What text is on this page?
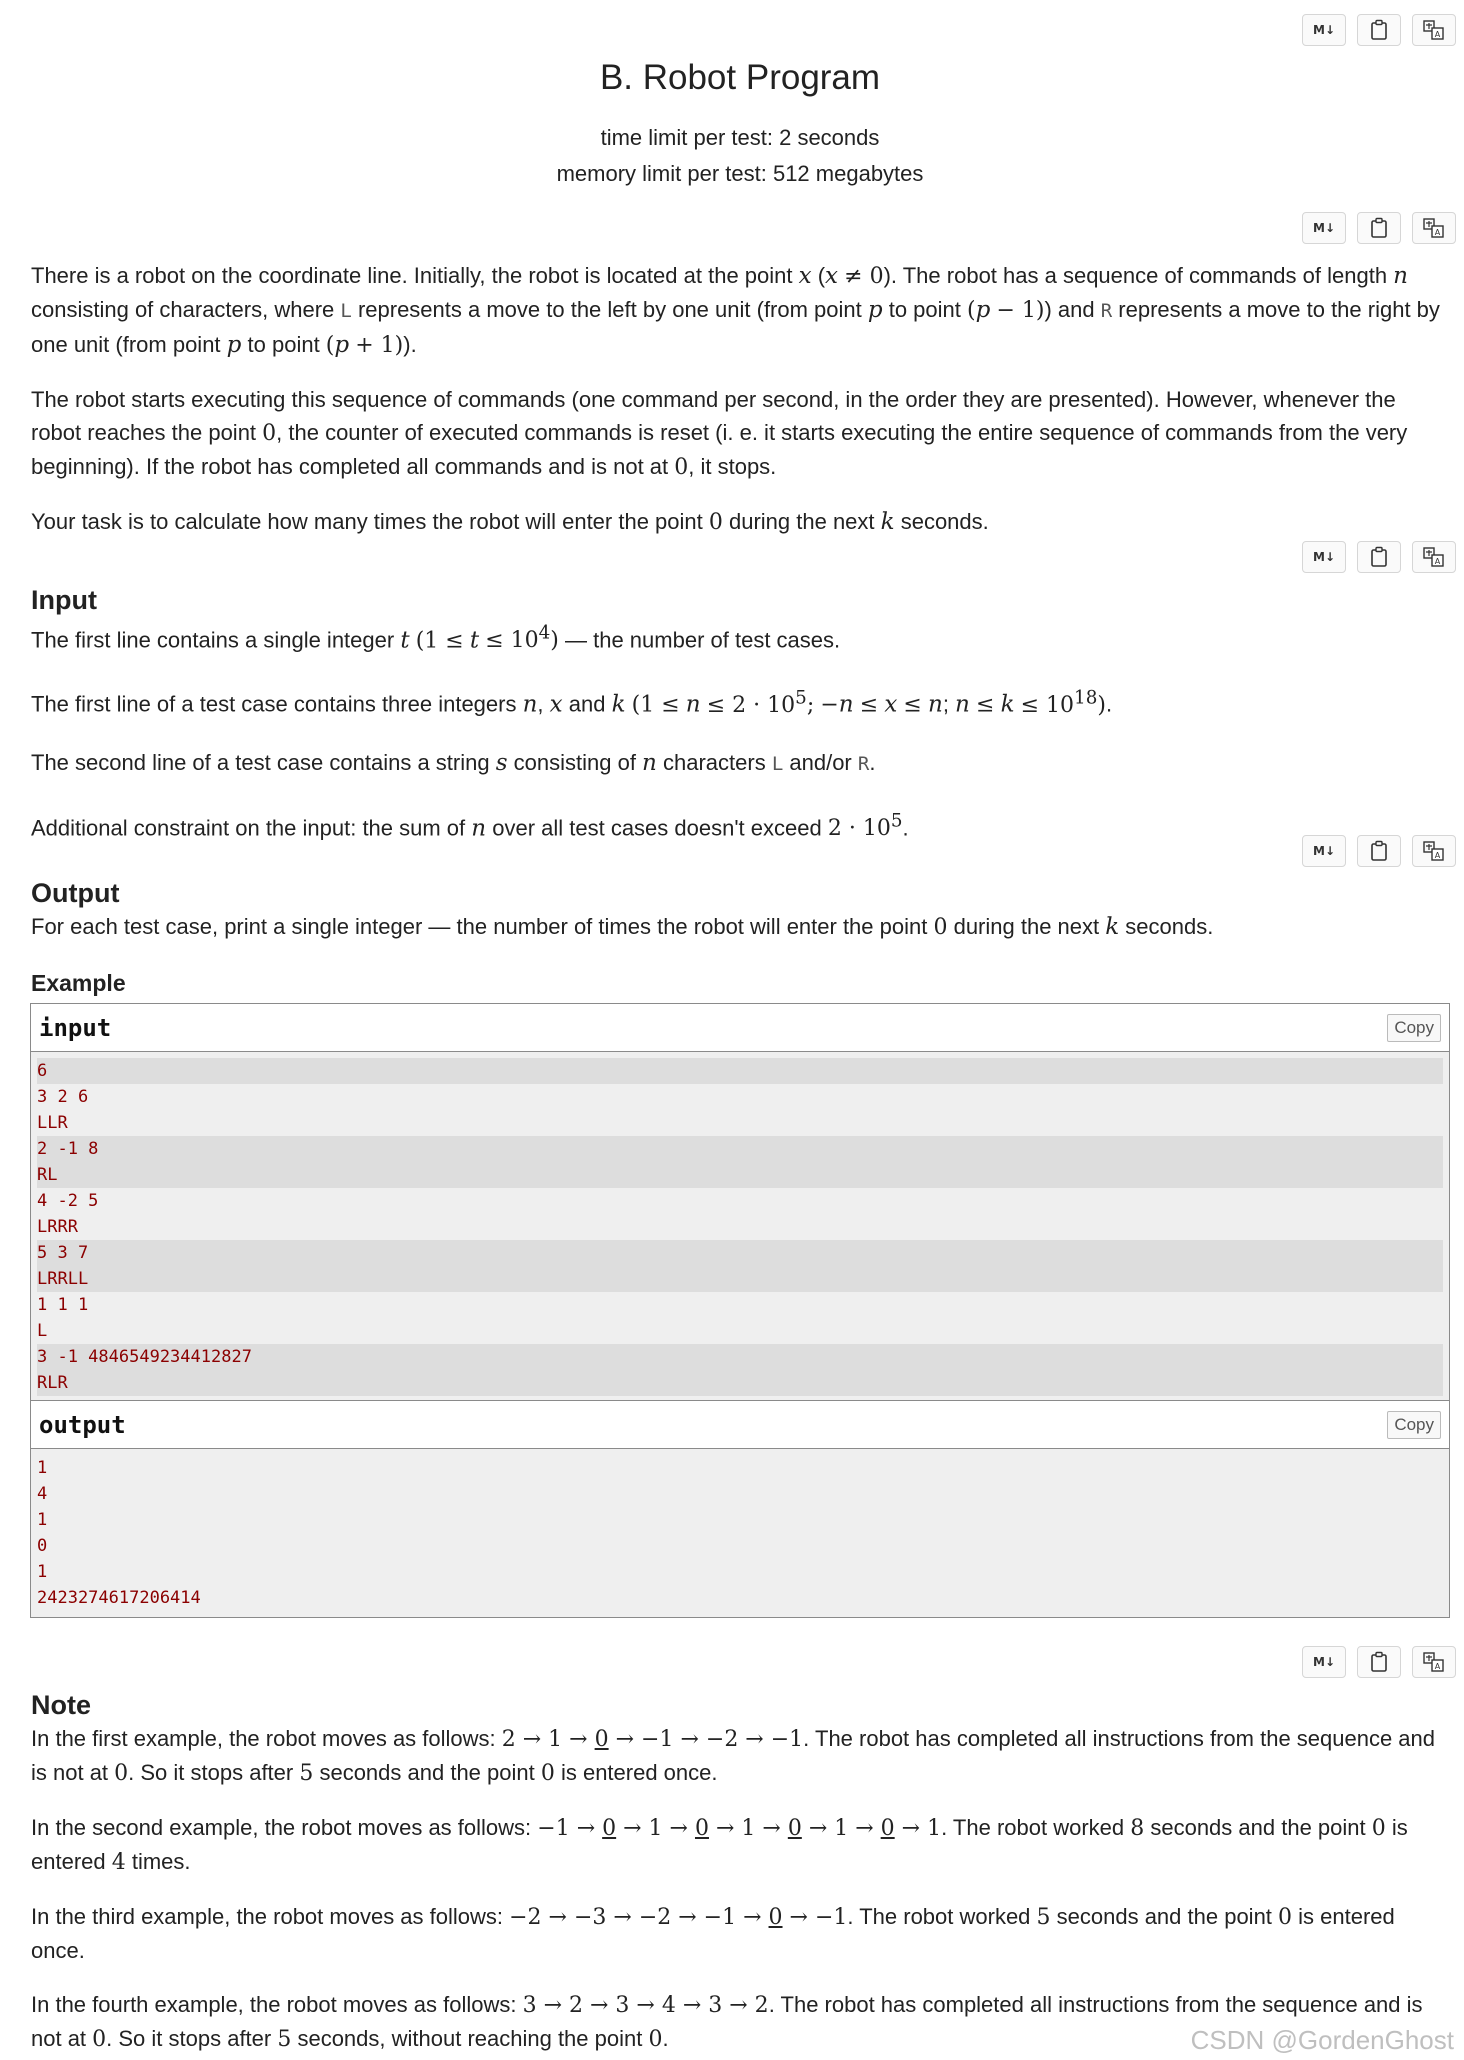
M↓	A
B. Robot Program
time limit per test: 2 seconds
memory limit per test: 512 megabytes
M↓	A

There is a robot on the coordinate line. Initially, the robot is located at the point x (x ≠ 0). The robot has a sequence of commands of length n consisting of characters, where L represents a move to the left by one unit (from point p to point (p − 1)) and R represents a move to the right by one unit (from point p to point (p + 1)).

The robot starts executing this sequence of commands (one command per second, in the order they are presented). However, whenever the robot reaches the point 0, the counter of executed commands is reset (i. e. it starts executing the entire sequence of commands from the very beginning). If the robot has completed all commands and is not at 0, it stops.

Your task is to calculate how many times the robot will enter the point 0 during the next k seconds.

M↓	A
Input

The first line contains a single integer t $(1 \le t \le 10^4)$ — the number of test cases.

The first line of a test case contains three integers n, x and k ($1 \le n \le 2 \cdot 10^5$; −n ≤ x ≤ n; $n \le k \le 10^{18}$).

The second line of a test case contains a string s consisting of n characters L and/or R.

Additional constraint on the input: the sum of n over all test cases doesn't exceed $2 \cdot 10^5$.

M↓	A
Output

For each test case, print a single integer — the number of times the robot will enter the point 0 during the next k seconds.

Example
input	Copy
6
3 2 6
LLR
2 -1 8
RL
4 -2 5
LRRR
5 3 7
LRRLL
1 1 1
L
3 -1 4846549234412827
RLR
output	Copy
1
4
1
0
1
2423274617206414
M↓	A
Note

In the first example, the robot moves as follows: 2 → 1 → 0 → −1 → −2 → −1. The robot has completed all instructions from the sequence and is not at 0. So it stops after 5 seconds and the point 0 is entered once.

In the second example, the robot moves as follows: −1 → 0 → 1 → 0 → 1 → 0 → 1 → 0 → 1. The robot worked 8 seconds and the point 0 is entered 4 times.

In the third example, the robot moves as follows: −2 → −3 → −2 → −1 → 0 → −1. The robot worked 5 seconds and the point 0 is entered once.

In the fourth example, the robot moves as follows: 3 → 2 → 3 → 4 → 3 → 2. The robot has completed all instructions from the sequence and is not at 0. So it stops after 5 seconds, without reaching the point 0.	CSDN @GordenGhost
